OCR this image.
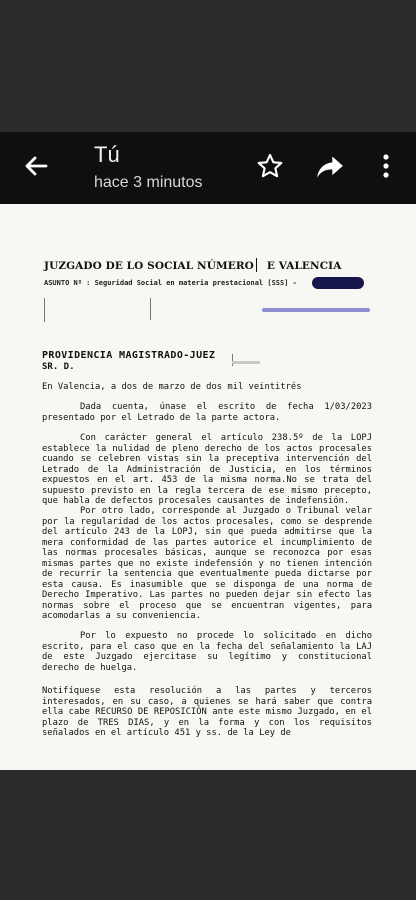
Tú
hace 3 minutos
JUZGADO DE LO SOCIAL NÚMERO E VALENCIA
ASUNTO Nº : Seguridad Social en materia prestacional [SSS] -
PROVIDENCIA MAGISTRADO-JUEZ
SR. D.
En Valencia, a dos de marzo de dos mil veintitrés
Dada cuenta, únase el escrito de fecha 1/03/2023 presentado por el Letrado de la parte actora.
Con carácter general el artículo 238.5º de la LOPJ establece la nulidad de pleno derecho de los actos procesales cuando se celebren vistas sin la preceptiva intervención del Letrado de la Administración de Justicia, en los términos expuestos en el art. 453 de la misma norma.No se trata del supuesto previsto en la regla tercera de ese mismo precepto, que habla de defectos procesales causantes de indefensión.
Por otro lado, corresponde al Juzgado o Tribunal velar por la regularidad de los actos procesales, como se desprende del artículo 243 de la LOPJ, sin que pueda admitirse que la mera conformidad de las partes autorice el incumplimiento de las normas procesales básicas, aunque se reconozca por esas mismas partes que no existe indefensión y no tienen intención de recurrir la sentencia que eventualmente pueda dictarse por esta causa. Es inasumible que se disponga de una norma de Derecho Imperativo. Las partes no pueden dejar sin efecto las normas sobre el proceso que se encuentran vigentes, para acomodarlas a su conveniencia.
Por lo expuesto no procede lo solicitado en dicho escrito, para el caso que en la fecha del señalamiento la LAJ de este Juzgado ejercitase su legítimo y constitucional derecho de huelga.
Notifíquese esta resolución a las partes y terceros interesados, en su caso, a quienes se hará saber que contra ella cabe RECURSO DE REPOSICIÓN ante este mismo Juzgado, en el plazo de TRES DIAS, y en la forma y con los requisitos señalados en el artículo 451 y ss. de la Ley de
